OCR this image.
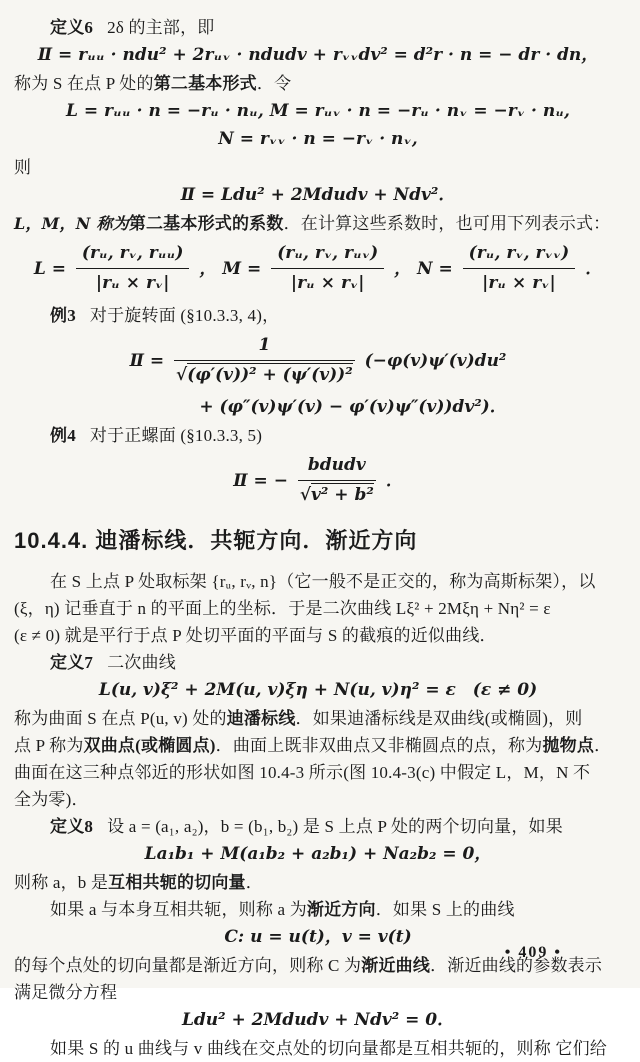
定义6 2δ 的主部，即
Ⅱ = rᵤᵤ · ndu² + 2rᵤᵥ · ndudv + rᵥᵥdv² = d²r · n = − dr · dn，
称为 S 在点 P 处的第二基本形式．令
L = rᵤᵤ · n = −rᵤ · nᵤ, M = rᵤᵥ · n = −rᵤ · nᵥ = −rᵥ · nᵤ,
N = rᵥᵥ · n = −rᵥ · nᵥ,
则
Ⅱ = Ldu² + 2Mdudv + Ndv²．
L，M，N 称为第二基本形式的系数．在计算这些系数时，也可用下列表示式：
$L = \frac{\text{(rᵤ, rᵥ, rᵤᵤ)}}{\text{|rᵤ × rᵥ|}}$ ， $M = \frac{\text{(rᵤ, rᵥ, rᵤᵥ)}}{\text{|rᵤ × rᵥ|}}$ ， $N = \frac{\text{(rᵤ, rᵥ, rᵥᵥ)}}{\text{|rᵤ × rᵥ|}}$ ．
例3 对于旋转面 (§10.3.3, 4)，
Ⅱ = $\frac{1}{\text{√(φ′(v))² + (ψ′(v))²}} (-\varphi(v)\psi'(v)du^2$
+ (φ″(v)ψ′(v) − φ′(v)ψ″(v))dv²)．
例4 对于正螺面 (§10.3.3, 5)
Ⅱ = − $\frac{\text{bdudv}}{\text{√v² + b²}}$ ．
10.4.4. 迪潘标线．共轭方向．渐近方向
在 S 上点 P 处取标架 {rᵤ, rᵥ, n}（它一般不是正交的，称为高斯标架），以
(ξ，η) 记垂直于 n 的平面上的坐标．于是二次曲线 Lξ² + 2Mξη + Nη² = ε
(ε ≠ 0) 就是平行于点 P 处切平面的平面与 S 的截痕的近似曲线．
定义7 二次曲线
L(u, v)ξ² + 2M(u, v)ξη + N(u, v)η² = ε　(ε ≠ 0)
称为曲面 S 在点 P(u, v) 处的迪潘标线．如果迪潘标线是双曲线(或椭圆)，则
点 P 称为双曲点(或椭圆点)．曲面上既非双曲点又非椭圆点的点，称为拋物点．
曲面在这三种点邻近的形状如图 10.4-3 所示(图 10.4-3(c) 中假定 L，M，N 不
全为零)．
定义8 设 a = (a₁, a₂)，b = (b₁, b₂) 是 S 上点 P 处的两个切向量，如果
La₁b₁ + M(a₁b₂ + a₂b₁) + Na₂b₂ = 0，
则称 a，b 是互相共轭的切向量．
如果 a 与本身互相共轭，则称 a 为渐近方向．如果 S 上的曲线
C: u = u(t)，v = v(t)
的每个点处的切向量都是渐近方向，则称 C 为渐近曲线．渐近曲线的参数表示
满足微分方程
Ldu² + 2Mdudv + Ndv² = 0．
如果 S 的 u 曲线与 v 曲线在交点处的切向量都是互相共轭的，则称 它们给
• 409 •
